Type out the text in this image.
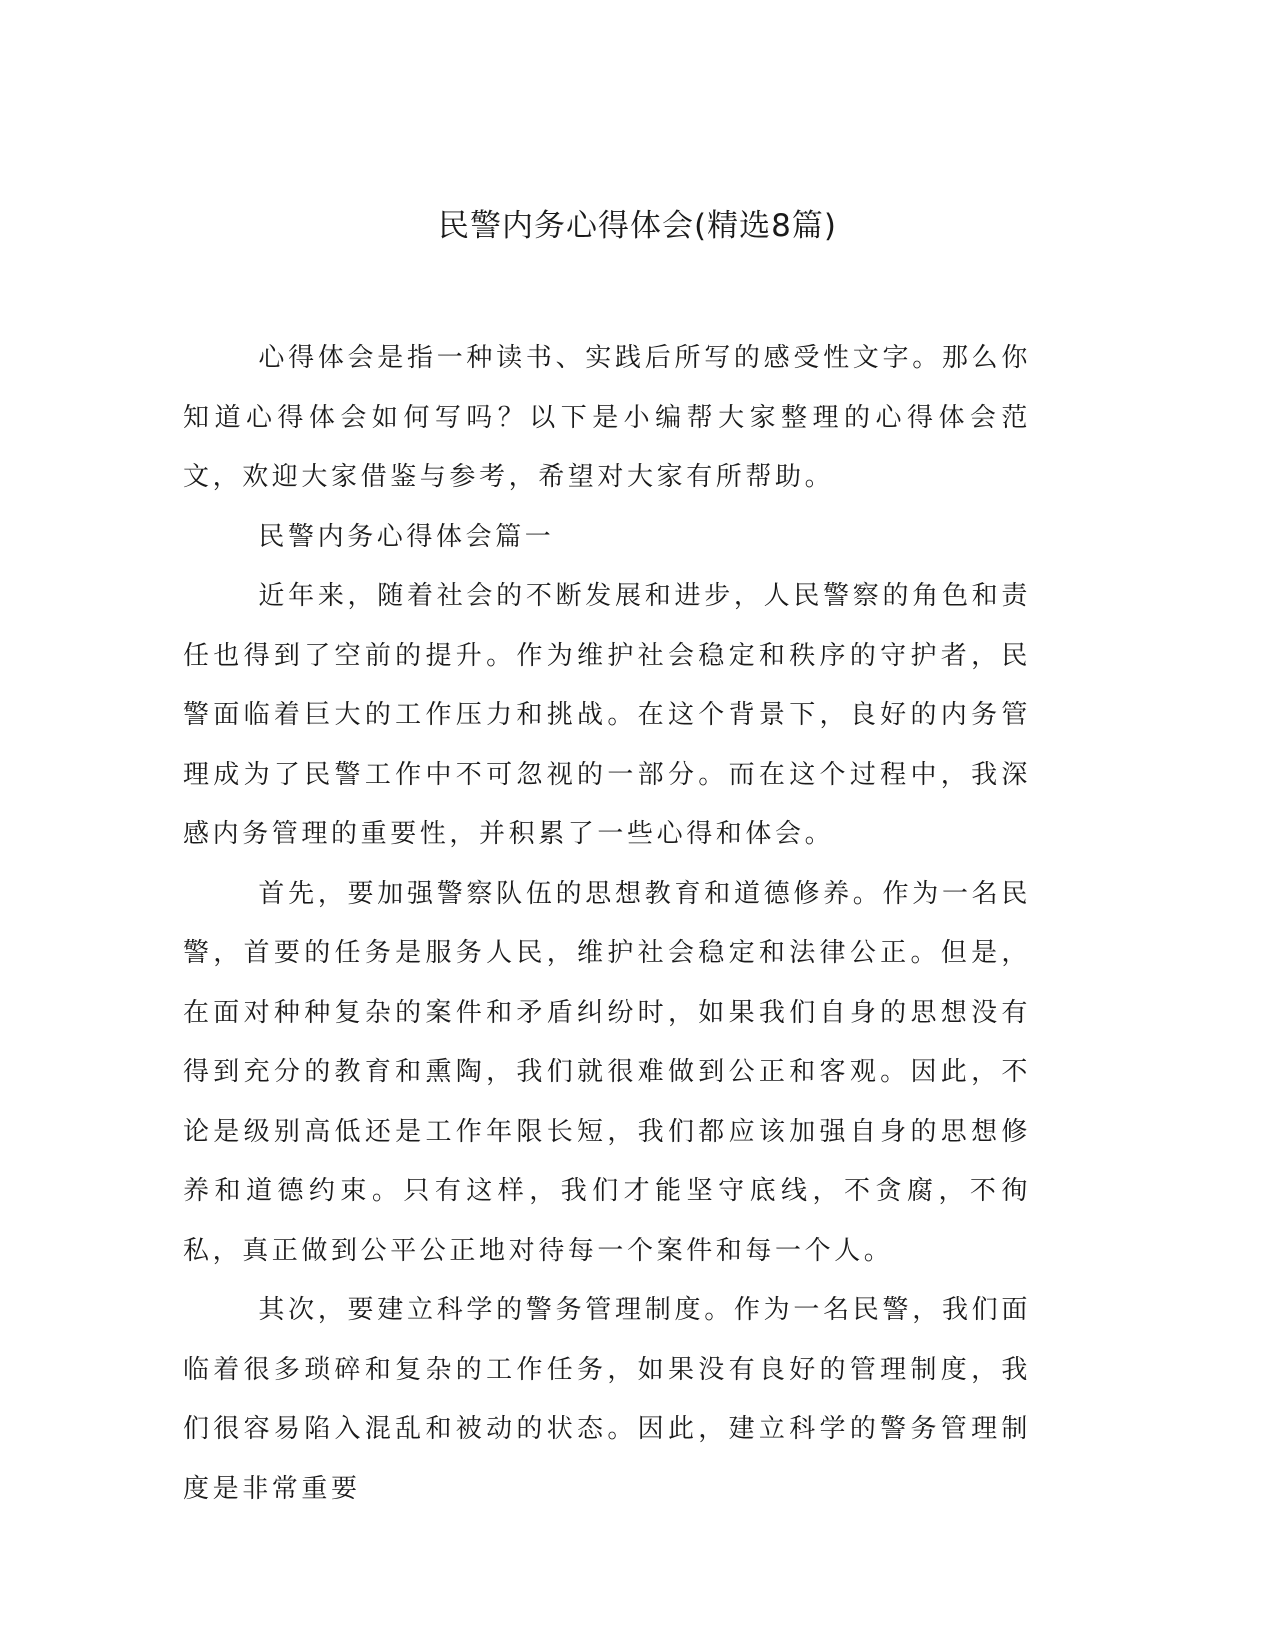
民警内务心得体会(精选8篇)

心得体会是指一种读书、实践后所写的感受性文字。那么你知道心得体会如何写吗？以下是小编帮大家整理的心得体会范文，欢迎大家借鉴与参考，希望对大家有所帮助。

民警内务心得体会篇一

近年来，随着社会的不断发展和进步，人民警察的角色和责任也得到了空前的提升。作为维护社会稳定和秩序的守护者，民警面临着巨大的工作压力和挑战。在这个背景下，良好的内务管理成为了民警工作中不可忽视的一部分。而在这个过程中，我深感内务管理的重要性，并积累了一些心得和体会。

首先，要加强警察队伍的思想教育和道德修养。作为一名民警，首要的任务是服务人民，维护社会稳定和法律公正。但是，在面对种种复杂的案件和矛盾纠纷时，如果我们自身的思想没有得到充分的教育和熏陶，我们就很难做到公正和客观。因此，不论是级别高低还是工作年限长短，我们都应该加强自身的思想修养和道德约束。只有这样，我们才能坚守底线，不贪腐，不徇私，真正做到公平公正地对待每一个案件和每一个人。

其次，要建立科学的警务管理制度。作为一名民警，我们面临着很多琐碎和复杂的工作任务，如果没有良好的管理制度，我们很容易陷入混乱和被动的状态。因此，建立科学的警务管理制度是非常重要
